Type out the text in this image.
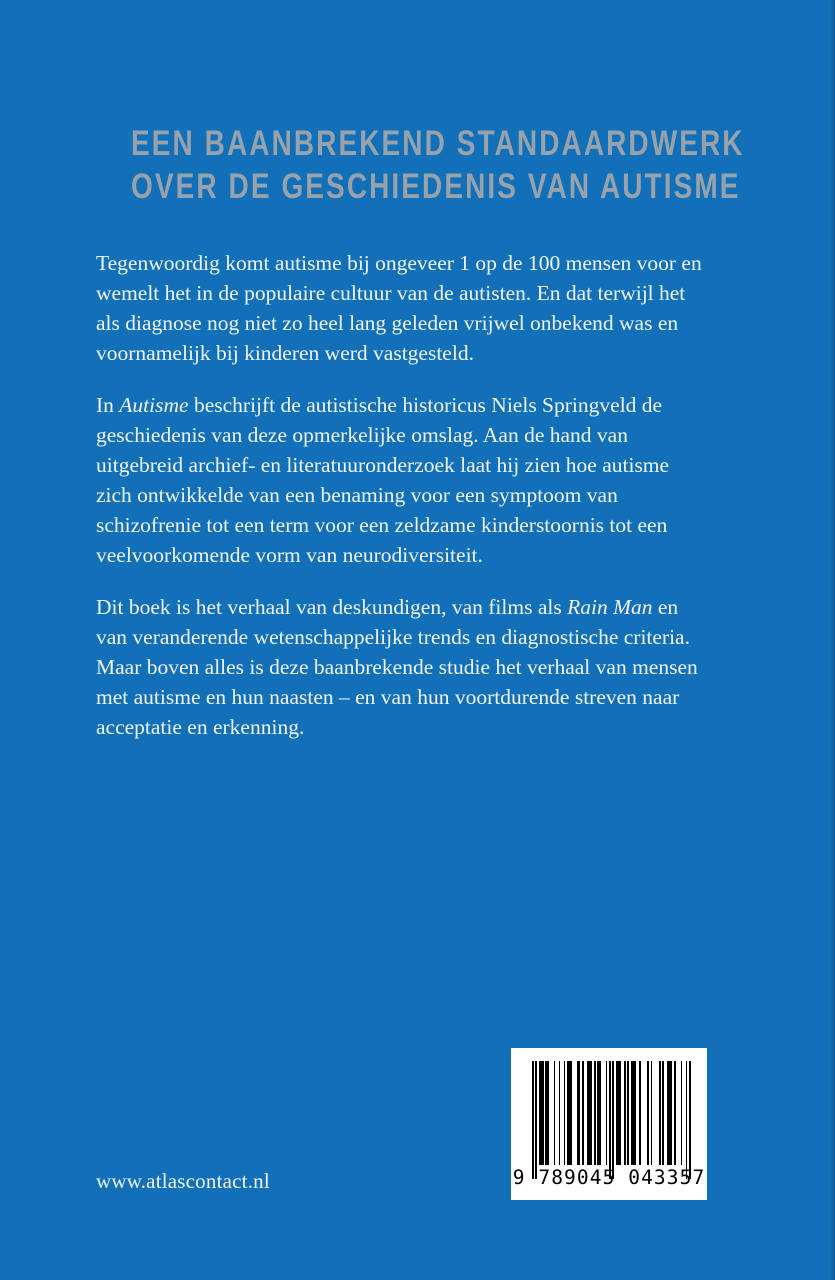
EEN BAANBREKEND STANDAARDWERK
OVER DE GESCHIEDENIS VAN AUTISME

Tegenwoordig komt autisme bij ongeveer 1 op de 100 mensen voor en wemelt het in de populaire cultuur van de autisten. En dat terwijl het als diagnose nog niet zo heel lang geleden vrijwel onbekend was en voornamelijk bij kinderen werd vastgesteld.

In Autisme beschrijft de autistische historicus Niels Springveld de geschiedenis van deze opmerkelijke omslag. Aan de hand van uitgebreid archief- en literatuuronderzoek laat hij zien hoe autisme zich ontwikkelde van een benaming voor een symptoom van schizofrenie tot een term voor een zeldzame kinderstoornis tot een veelvoorkomende vorm van neurodiversiteit.

Dit boek is het verhaal van deskundigen, van films als Rain Man en van veranderende wetenschappelijke trends en diagnostische criteria. Maar boven alles is deze baanbrekende studie het verhaal van mensen met autisme en hun naasten – en van hun voortdurende streven naar acceptatie en erkenning.

www.atlascontact.nl	9 789045 043357
